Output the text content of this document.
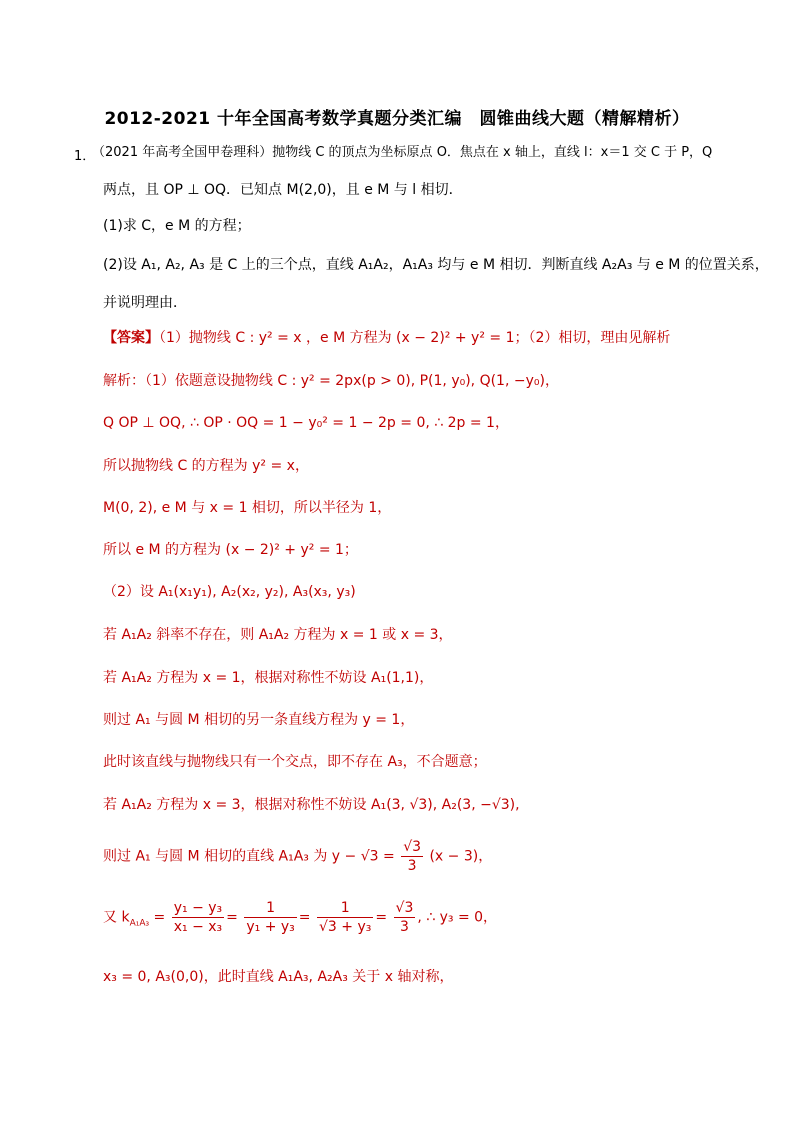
2012-2021 十年全国高考数学真题分类汇编　圆锥曲线大题（精解精析）
1．
（2021 年高考全国甲卷理科）抛物线 C 的顶点为坐标原点 O．焦点在 x 轴上，直线 l：x＝1 交 C 于 P，Q
两点，且 OP ⊥ OQ．已知点 M(2,0)，且 e M 与 l 相切．
(1)求 C，e M 的方程；
(2)设 A₁, A₂, A₃ 是 C 上的三个点，直线 A₁A₂，A₁A₃ 均与 e M 相切．判断直线 A₂A₃ 与 e M 的位置关系，
并说明理由．
【答案】（1）抛物线 C : y² = x ，e M 方程为 (x − 2)² + y² = 1；（2）相切，理由见解析
解析：（1）依题意设抛物线 C : y² = 2px(p > 0), P(1, y₀), Q(1, −y₀)，
Q OP ⊥ OQ, ∴ OP · OQ = 1 − y₀² = 1 − 2p = 0, ∴ 2p = 1，
所以抛物线 C 的方程为 y² = x，
M(0, 2), e M 与 x = 1 相切，所以半径为 1，
所以 e M 的方程为 (x − 2)² + y² = 1；
（2）设 A₁(x₁y₁), A₂(x₂, y₂), A₃(x₃, y₃)
若 A₁A₂ 斜率不存在，则 A₁A₂ 方程为 x = 1 或 x = 3，
若 A₁A₂ 方程为 x = 1，根据对称性不妨设 A₁(1,1)，
则过 A₁ 与圆 M 相切的另一条直线方程为 y = 1，
此时该直线与抛物线只有一个交点，即不存在 A₃，不合题意；
若 A₁A₂ 方程为 x = 3，根据对称性不妨设 A₁(3, √3), A₂(3, −√3),
则过 A₁ 与圆 M 相切的直线 A₁A₃ 为 $y - √3 = \frac{√3}{3} (x - 3)$，
又 $k_{A_1A_3} = \frac{\text{y₁ − y₃}}{\text{x₁ − x₃}} = \frac{1}{\text{y₁ + y₃}} = \frac{1}{\text{√3 + y₃}} = \frac{√3}{3}$ , ∴ y₃ = 0，
x₃ = 0, A₃(0,0)，此时直线 A₁A₃, A₂A₃ 关于 x 轴对称，
